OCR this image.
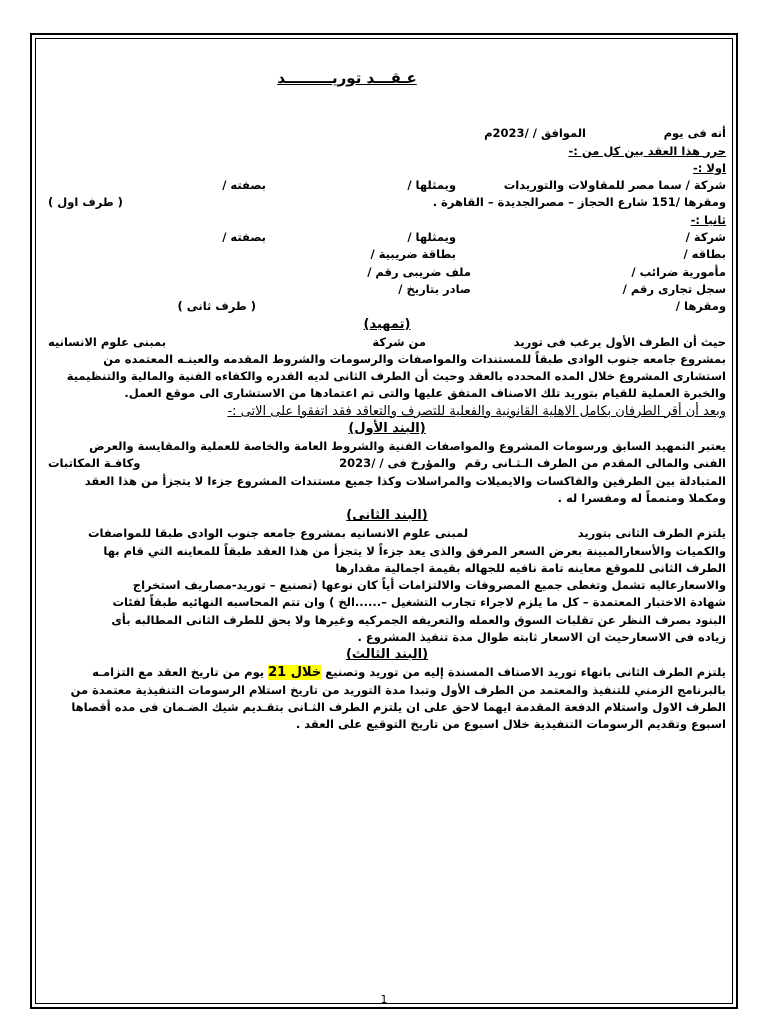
عـقـــد توريـــــــــد
أنه فى يوم
الموافق / /2023م
حرر هذا العقد بين كل من :-
اولا :-
شركة / سما مصر للمقاولات والتوريدات
ويمثلها /
بصفته /
ومقرها /151 شارع الحجاز – مصرالجديدة – القاهرة .
( طرف اول )
ثانيا :-
شركة /
ويمثلها /
بصفته /
بطاقه /
بطاقة ضريبية /
مأمورية ضرائب /
ملف ضريبى رقم /
سجل تجارى رقم /
صادر بتاريخ /
ومقرها /
( طرف ثانى )
(تمهيد)
حيث أن الطرف الأول يرغب فى توريد
من شركة
بمبنى علوم الانسانيه
بمشروع جامعه جنوب الوادى طبقاً للمستندات والمواصفات والرسومات والشروط المقدمه والعينـه المعتمده من
استشارى المشروع خلال المده المحدده بالعقد وحيث أن الطرف الثانى لديه القدره والكفاءه الفنية والمالية والتنظيمية
والخبرة العملية للقيام بتوريد تلك الاصناف المتفق عليها والتى تم اعتمادها من الاستشارى الى موقع العمل.
وبعد أن أقر الطرفان بكامل الاهلية القانونية والفعلية للتصرف والتعاقد فقد اتفقوا على الاتى :-
(البند الأول)
يعتبر التمهيد السابق ورسومات المشروع والمواصفات الفنية والشروط العامة والخاصة للعملية والمقايسة والعرض
الفنى والمالى المقدم من الطرف الـثـانى رقم
والمؤرخ فى / /2023
وكافـة المكاتبات
المتبادلة بين الطرفين والفاكسات والايميلات والمراسلات وكذا جميع مستندات المشروع جزءا لا يتجزأ من هذا العقد
ومكملا ومتمماً له ومفسرا له .
(البند الثانى)
يلتزم الطرف الثانى بتوريد
لمبنى علوم الانسانيه بمشروع جامعه جنوب الوادى طبقا للمواصفات
والكميات والأسعارالمبينة بعرض السعر المرفق والذى يعد جزءاً لا يتجزأ من هذا العقد طبقاً للمعاينه التي قام بها
الطرف الثانى للموقع معاينه تامة نافيه للجهاله بقيمة اجمالية مقدارها
والاسعارعاليه تشمل وتغطى جميع المصروفات والالتزامات أياً كان نوعها (تصنيع – توريد-مصاريف استخراج
شهادة الاختبار المعتمدة – كل ما يلزم لاجراء تجارب التشغيل –......الخ ) وان تتم المحاسبه النهائيه طبقاً لفئات
البنود بصرف النظر عن تقلبات السوق والعمله والتعريفه الجمركيه وغيرها ولا يحق للطرف الثانى المطالبه بأى
زياده فى الاسعارحيث ان الاسعار ثابته طوال مدة تنفيذ المشروع .
(البند الثالث)
يلتزم الطرف الثانى بانهاء توريد الاصناف المسندة إليه من توريد وتصنيع خلال 21 يوم من تاريخ العقد مع التزامـه
بالبرنامج الزمني للتنفيذ والمعتمد من الطرف الأول وتبدا مدة التوريد من تاريخ استلام الرسومات التنفيذية معتمدة من
الطرف الاول واستلام الدفعة المقدمة ايهما لاحق على ان يلتزم الطرف الثـانى بتقـديم شيك الضـمان فى مده أقصاها
اسبوع وتقديم الرسومات التنفيذية خلال اسبوع من تاريخ التوقيع على العقد .
1
